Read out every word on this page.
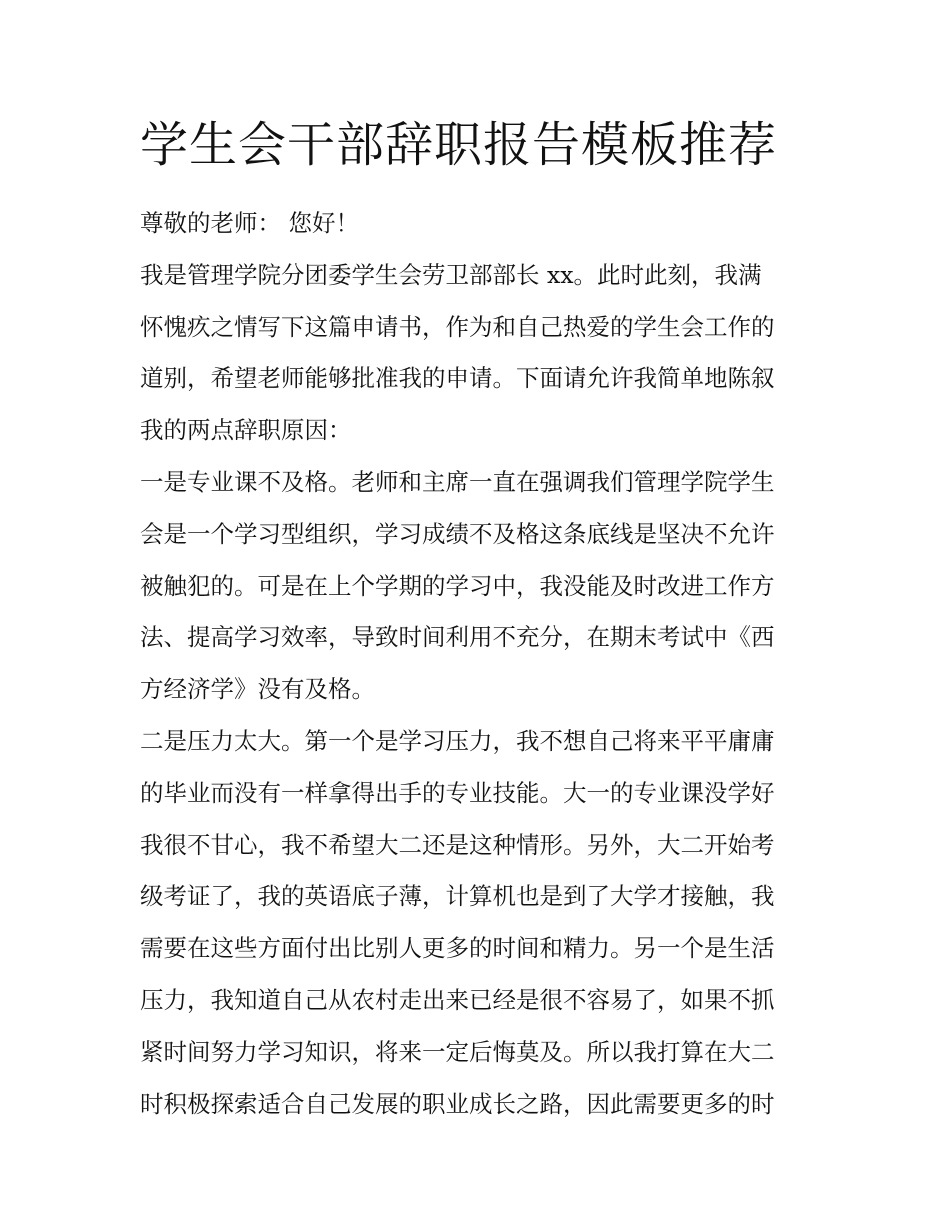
学生会干部辞职报告模板推荐
尊敬的老师： 您好！
我是管理学院分团委学生会劳卫部部长 xx。此时此刻，我满
怀愧疚之情写下这篇申请书，作为和自己热爱的学生会工作的
道别，希望老师能够批准我的申请。下面请允许我简单地陈叙
我的两点辞职原因：
一是专业课不及格。老师和主席一直在强调我们管理学院学生
会是一个学习型组织，学习成绩不及格这条底线是坚决不允许
被触犯的。可是在上个学期的学习中，我没能及时改进工作方
法、提高学习效率，导致时间利用不充分，在期末考试中《西
方经济学》没有及格。
二是压力太大。第一个是学习压力，我不想自己将来平平庸庸
的毕业而没有一样拿得出手的专业技能。大一的专业课没学好
我很不甘心，我不希望大二还是这种情形。另外，大二开始考
级考证了，我的英语底子薄，计算机也是到了大学才接触，我
需要在这些方面付出比别人更多的时间和精力。另一个是生活
压力，我知道自己从农村走出来已经是很不容易了，如果不抓
紧时间努力学习知识，将来一定后悔莫及。所以我打算在大二
时积极探索适合自己发展的职业成长之路，因此需要更多的时
